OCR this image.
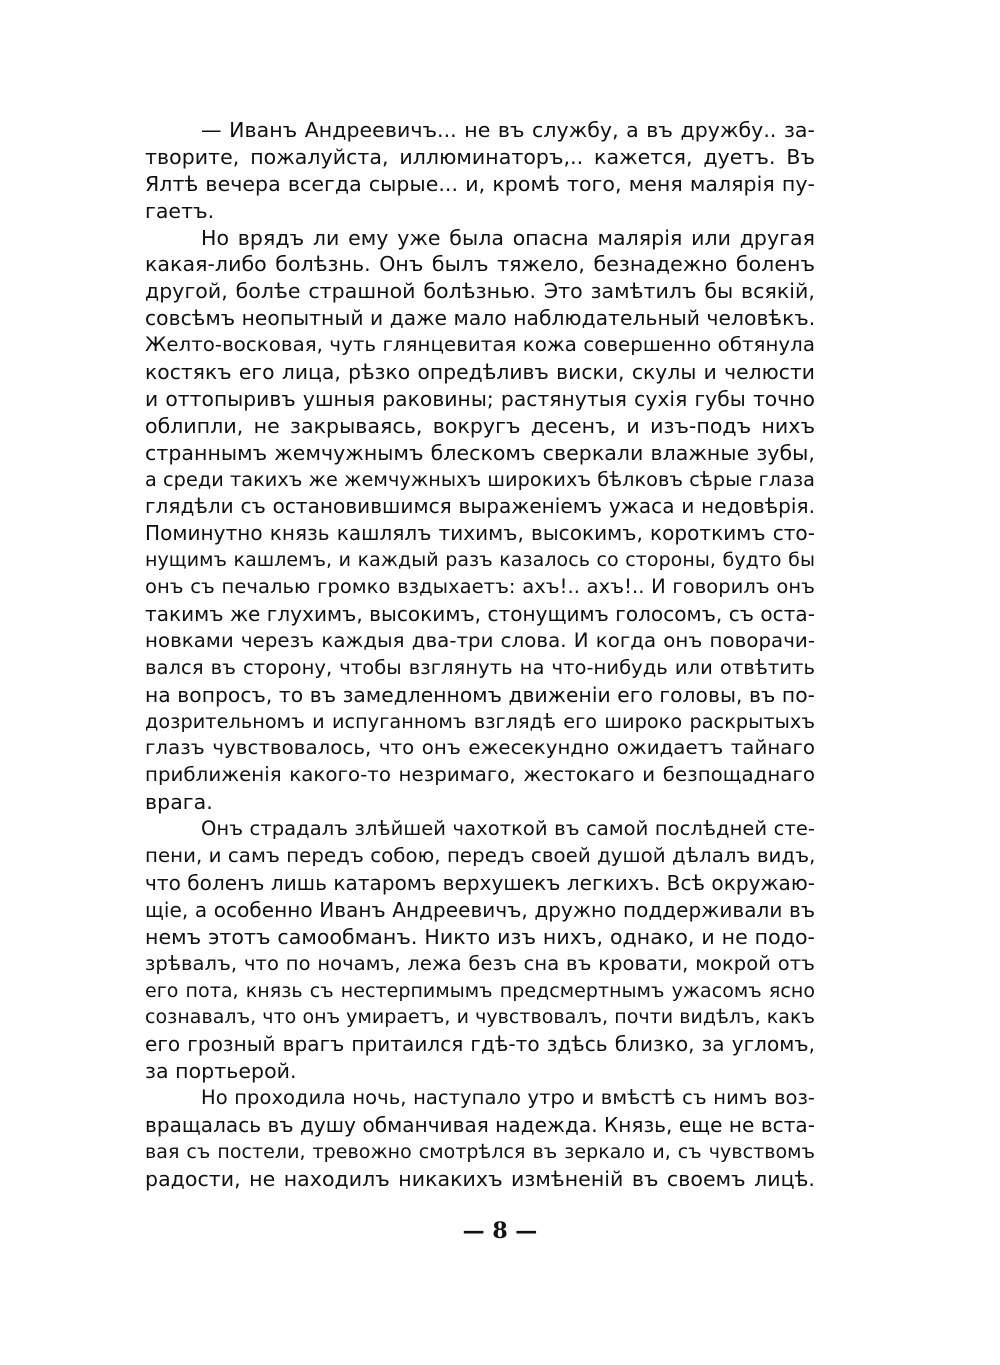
— Иванъ Андреевичъ... не въ службу, а въ дружбу.. за-
творите, пожалуйста, иллюминаторъ,.. кажется, дуетъ. Въ
Ялтѣ вечера всегда сырые... и, кромѣ того, меня малярія пу-
гаетъ.
Но врядъ ли ему уже была опасна малярія или другая
какая-либо болѣзнь. Онъ былъ тяжело, безнадежно боленъ
другой, болѣе страшной болѣзнью. Это замѣтилъ бы всякій,
совсѣмъ неопытный и даже мало наблюдательный человѣкъ.
Желто-восковая, чуть глянцевитая кожа совершенно обтянула
костякъ его лица, рѣзко опредѣливъ виски, скулы и челюсти
и оттопыривъ ушныя раковины; растянутыя сухія губы точно
облипли, не закрываясь, вокругъ десенъ, и изъ-подъ нихъ
страннымъ жемчужнымъ блескомъ сверкали влажные зубы,
а среди такихъ же жемчужныхъ широкихъ бѣлковъ сѣрые глаза
глядѣли съ остановившимся выраженіемъ ужаса и недовѣрія.
Поминутно князь кашлялъ тихимъ, высокимъ, короткимъ сто-
нущимъ кашлемъ, и каждый разъ казалось со стороны, будто бы
онъ съ печалью громко вздыхаетъ: ахъ!.. ахъ!.. И говорилъ онъ
такимъ же глухимъ, высокимъ, стонущимъ голосомъ, съ оста-
новками черезъ каждыя два-три слова. И когда онъ поворачи-
вался въ сторону, чтобы взглянуть на что-нибудь или отвѣтить
на вопросъ, то въ замедленномъ движеніи его головы, въ по-
дозрительномъ и испуганномъ взглядѣ его широко раскрытыхъ
глазъ чувствовалось, что онъ ежесекундно ожидаетъ тайнаго
приближенія какого-то незримаго, жестокаго и безпощаднаго
врага.
Онъ страдалъ злѣйшей чахоткой въ самой послѣдней сте-
пени, и самъ передъ собою, передъ своей душой дѣлалъ видъ,
что боленъ лишь катаромъ верхушекъ легкихъ. Всѣ окружаю-
щіе, а особенно Иванъ Андреевичъ, дружно поддерживали въ
немъ этотъ самообманъ. Никто изъ нихъ, однако, и не подо-
зрѣвалъ, что по ночамъ, лежа безъ сна въ кровати, мокрой отъ
его пота, князь съ нестерпимымъ предсмертнымъ ужасомъ ясно
сознавалъ, что онъ умираетъ, и чувствовалъ, почти видѣлъ, какъ
его грозный врагъ притаился гдѣ-то здѣсь близко, за угломъ,
за портьерой.
Но проходила ночь, наступало утро и вмѣстѣ съ нимъ воз-
вращалась въ душу обманчивая надежда. Князь, еще не вста-
вая съ постели, тревожно смотрѣлся въ зеркало и, съ чувствомъ
радости, не находилъ никакихъ измѣненій въ своемъ лицѣ.
— 8 —
